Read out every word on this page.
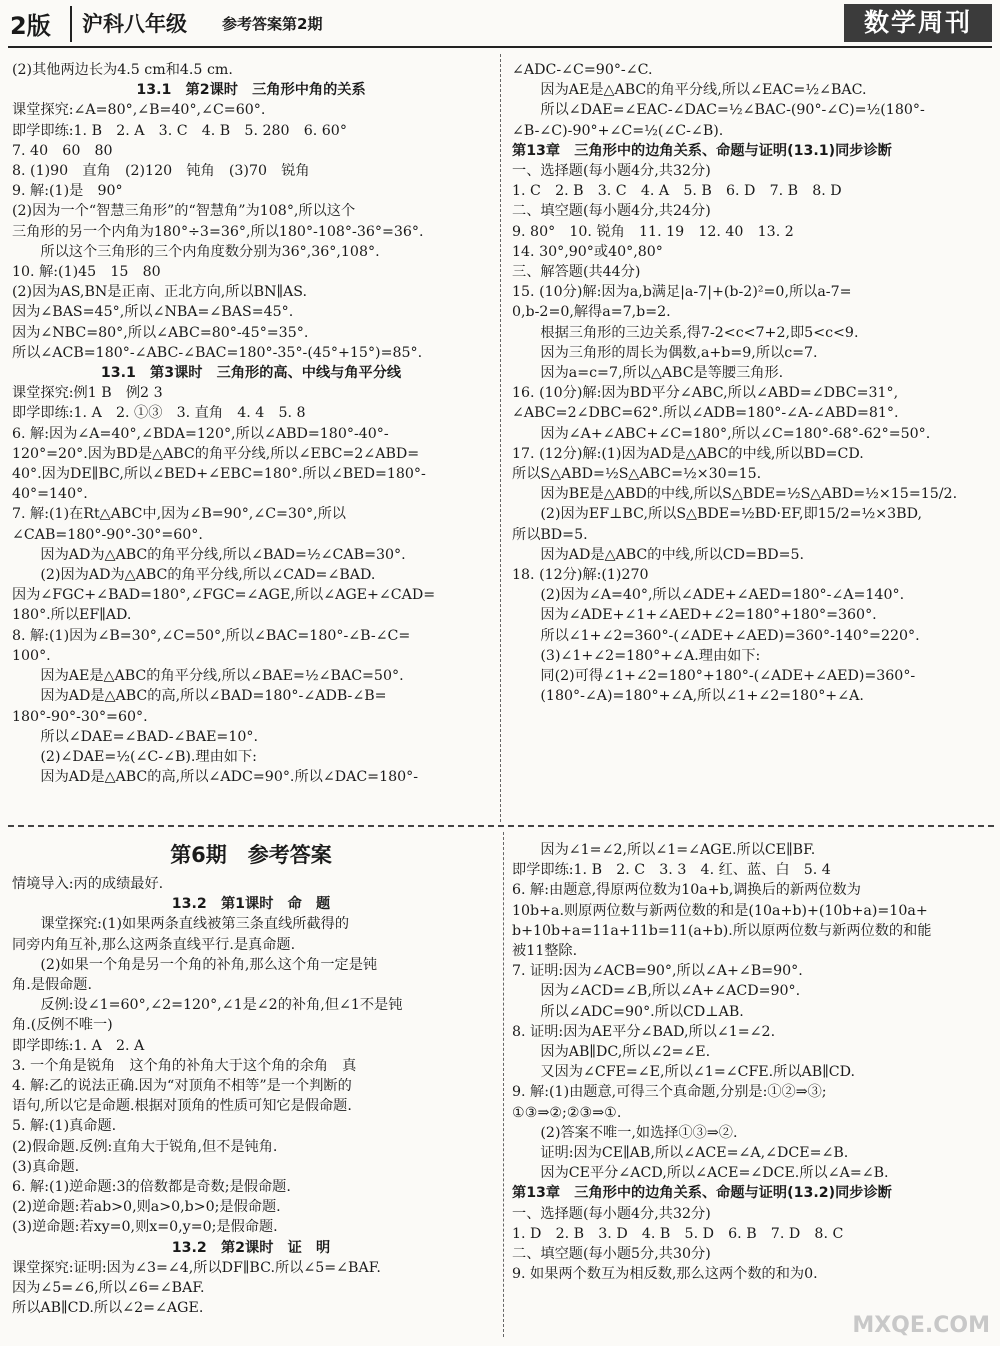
2版 沪科八年级 参考答案第2期	数学周刊

(2)其他两边长为4.5 cm和4.5 cm.

13.1　第2课时　三角形中角的关系

课堂探究:∠A=80°,∠B=40°,∠C=60°.

即学即练:1. B　2. A　3. C　4. B　5. 280　6. 60°

7. 40　60　80

8. (1)90　直角　(2)120　钝角　(3)70　锐角

9. 解:(1)是　90°

(2)因为一个“智慧三角形”的“智慧角”为108°,所以这个

三角形的另一个内角为180°÷3=36°,所以180°-108°-36°=36°.

所以这个三角形的三个内角度数分别为36°,36°,108°.

10. 解:(1)45　15　80

(2)因为AS,BN是正南、正北方向,所以BN∥AS.

因为∠BAS=45°,所以∠NBA=∠BAS=45°.

因为∠NBC=80°,所以∠ABC=80°-45°=35°.

所以∠ACB=180°-∠ABC-∠BAC=180°-35°-(45°+15°)=85°.

13.1　第3课时　三角形的高、中线与角平分线

课堂探究:例1 B　例2 3

即学即练:1. A　2. ①③　3. 直角　4. 4　5. 8

6. 解:因为∠A=40°,∠BDA=120°,所以∠ABD=180°-40°-

120°=20°.因为BD是△ABC的角平分线,所以∠EBC=2∠ABD=

40°.因为DE∥BC,所以∠BED+∠EBC=180°.所以∠BED=180°-

40°=140°.

7. 解:(1)在Rt△ABC中,因为∠B=90°,∠C=30°,所以

∠CAB=180°-90°-30°=60°.

因为AD为△ABC的角平分线,所以∠BAD=½∠CAB=30°.

(2)因为AD为△ABC的角平分线,所以∠CAD=∠BAD.

因为∠FGC+∠BAD=180°,∠FGC=∠AGE,所以∠AGE+∠CAD=

180°.所以EF∥AD.

8. 解:(1)因为∠B=30°,∠C=50°,所以∠BAC=180°-∠B-∠C=

100°.

因为AE是△ABC的角平分线,所以∠BAE=½∠BAC=50°.

因为AD是△ABC的高,所以∠BAD=180°-∠ADB-∠B=

180°-90°-30°=60°.

所以∠DAE=∠BAD-∠BAE=10°.

(2)∠DAE=½(∠C-∠B).理由如下:

因为AD是△ABC的高,所以∠ADC=90°.所以∠DAC=180°-

∠ADC-∠C=90°-∠C.

因为AE是△ABC的角平分线,所以∠EAC=½∠BAC.

所以∠DAE=∠EAC-∠DAC=½∠BAC-(90°-∠C)=½(180°-

∠B-∠C)-90°+∠C=½(∠C-∠B).

第13章　三角形中的边角关系、命题与证明(13.1)同步诊断

一、选择题(每小题4分,共32分)

1. C　2. B　3. C　4. A　5. B　6. D　7. B　8. D

二、填空题(每小题4分,共24分)

9. 80°　10. 锐角　11. 19　12. 40　13. 2

14. 30°,90°或40°,80°

三、解答题(共44分)

15. (10分)解:因为a,b满足|a-7|+(b-2)²=0,所以a-7=

0,b-2=0,解得a=7,b=2.

根据三角形的三边关系,得7-2<c<7+2,即5<c<9.

因为三角形的周长为偶数,a+b=9,所以c=7.

因为a=c=7,所以△ABC是等腰三角形.

16. (10分)解:因为BD平分∠ABC,所以∠ABD=∠DBC=31°,

∠ABC=2∠DBC=62°.所以∠ADB=180°-∠A-∠ABD=81°.

因为∠A+∠ABC+∠C=180°,所以∠C=180°-68°-62°=50°.

17. (12分)解:(1)因为AD是△ABC的中线,所以BD=CD.

所以S△ABD=½S△ABC=½×30=15.

因为BE是△ABD的中线,所以S△BDE=½S△ABD=½×15=15/2.

(2)因为EF⊥BC,所以S△BDE=½BD·EF,即15/2=½×3BD,

所以BD=5.

因为AD是△ABC的中线,所以CD=BD=5.

18. (12分)解:(1)270

(2)因为∠A=40°,所以∠ADE+∠AED=180°-∠A=140°.

因为∠ADE+∠1+∠AED+∠2=180°+180°=360°.

所以∠1+∠2=360°-(∠ADE+∠AED)=360°-140°=220°.

(3)∠1+∠2=180°+∠A.理由如下:

同(2)可得∠1+∠2=180°+180°-(∠ADE+∠AED)=360°-

(180°-∠A)=180°+∠A,所以∠1+∠2=180°+∠A.

第6期　参考答案

情境导入:丙的成绩最好.

13.2　第1课时　命　题

课堂探究:(1)如果两条直线被第三条直线所截得的

同旁内角互补,那么这两条直线平行.是真命题.

(2)如果一个角是另一个角的补角,那么这个角一定是钝

角.是假命题.

反例:设∠1=60°,∠2=120°,∠1是∠2的补角,但∠1不是钝

角.(反例不唯一)

即学即练:1. A　2. A

3. 一个角是锐角　这个角的补角大于这个角的余角　真

4. 解:乙的说法正确.因为“对顶角不相等”是一个判断的

语句,所以它是命题.根据对顶角的性质可知它是假命题.

5. 解:(1)真命题.

(2)假命题.反例:直角大于锐角,但不是钝角.

(3)真命题.

6. 解:(1)逆命题:3的倍数都是奇数;是假命题.

(2)逆命题:若ab>0,则a>0,b>0;是假命题.

(3)逆命题:若xy=0,则x=0,y=0;是假命题.

13.2　第2课时　证　明

课堂探究:证明:因为∠3=∠4,所以DF∥BC.所以∠5=∠BAF.

因为∠5=∠6,所以∠6=∠BAF.

所以AB∥CD.所以∠2=∠AGE.

因为∠1=∠2,所以∠1=∠AGE.所以CE∥BF.

即学即练:1. B　2. C　3. 3　4. 红、蓝、白　5. 4

6. 解:由题意,得原两位数为10a+b,调换后的新两位数为

10b+a.则原两位数与新两位数的和是(10a+b)+(10b+a)=10a+

b+10b+a=11a+11b=11(a+b).所以原两位数与新两位数的和能

被11整除.

7. 证明:因为∠ACB=90°,所以∠A+∠B=90°.

因为∠ACD=∠B,所以∠A+∠ACD=90°.

所以∠ADC=90°.所以CD⊥AB.

8. 证明:因为AE平分∠BAD,所以∠1=∠2.

因为AB∥DC,所以∠2=∠E.

又因为∠CFE=∠E,所以∠1=∠CFE.所以AB∥CD.

9. 解:(1)由题意,可得三个真命题,分别是:①②⇒③;

①③⇒②;②③⇒①.

(2)答案不唯一,如选择①③⇒②.

证明:因为CE∥AB,所以∠ACE=∠A,∠DCE=∠B.

因为CE平分∠ACD,所以∠ACE=∠DCE.所以∠A=∠B.

第13章　三角形中的边角关系、命题与证明(13.2)同步诊断

一、选择题(每小题4分,共32分)

1. D　2. B　3. D　4. B　5. D　6. B　7. D　8. C

二、填空题(每小题5分,共30分)

9. 如果两个数互为相反数,那么这两个数的和为0.

MXQE.COM
